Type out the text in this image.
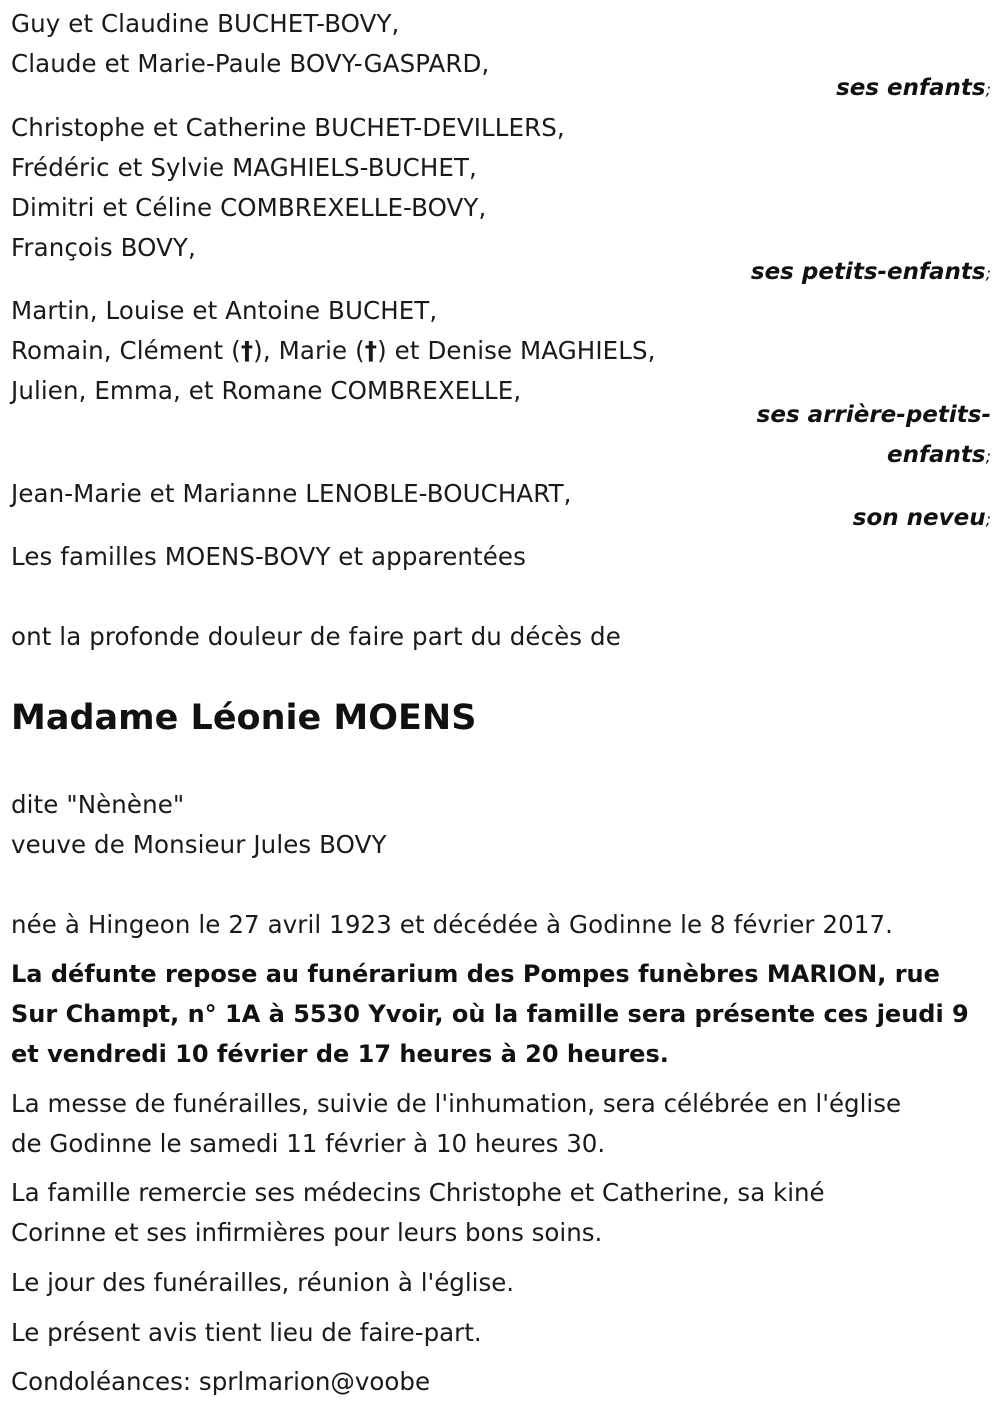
Guy et Claudine BUCHET-BOVY,
Claude et Marie-Paule BOVY-GASPARD,
ses enfants;
Christophe et Catherine BUCHET-DEVILLERS,
Frédéric et Sylvie MAGHIELS-BUCHET,
Dimitri et Céline COMBREXELLE-BOVY,
François BOVY,
ses petits-enfants;
Martin, Louise et Antoine BUCHET,
Romain, Clément (†), Marie (†) et Denise MAGHIELS,
Julien, Emma, et Romane COMBREXELLE,
ses arrière-petits-
enfants;
Jean-Marie et Marianne LENOBLE-BOUCHART,
son neveu;
Les familles MOENS-BOVY et apparentées
ont la profonde douleur de faire part du décès de
Madame Léonie MOENS
dite "Nènène"
veuve de Monsieur Jules BOVY
née à Hingeon le 27 avril 1923 et décédée à Godinne le 8 février 2017.
La défunte repose au funérarium des Pompes funèbres MARION, rue
Sur Champt, n° 1A à 5530 Yvoir, où la famille sera présente ces jeudi 9
et vendredi 10 février de 17 heures à 20 heures.
La messe de funérailles, suivie de l'inhumation, sera célébrée en l'église
de Godinne le samedi 11 février à 10 heures 30.
La famille remercie ses médecins Christophe et Catherine, sa kiné
Corinne et ses infirmières pour leurs bons soins.
Le jour des funérailles, réunion à l'église.
Le présent avis tient lieu de faire-part.
Condoléances: sprlmarion@voobe
